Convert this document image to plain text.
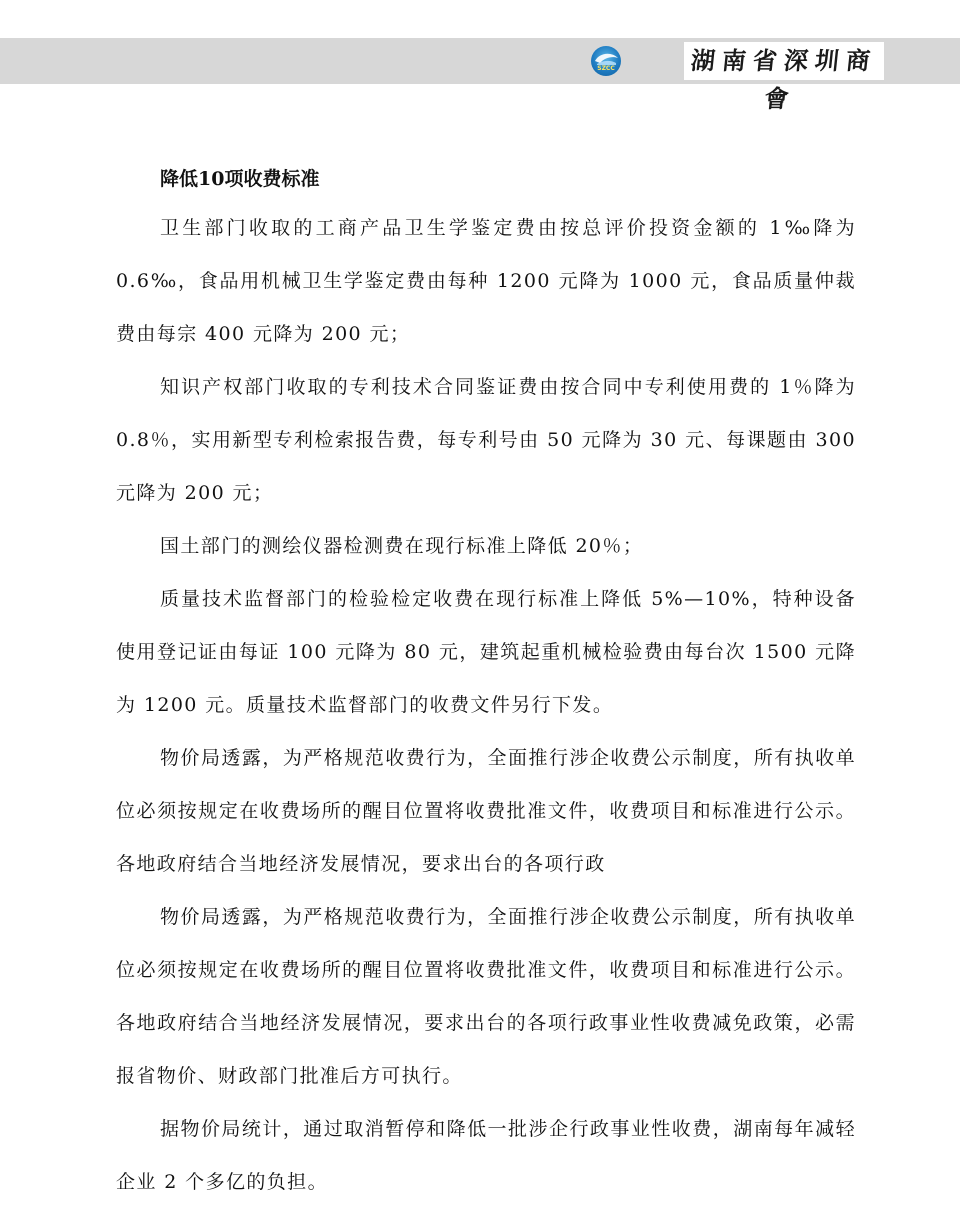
SZCC	湖南省深圳商會
降低10项收费标准

卫生部门收取的工商产品卫生学鉴定费由按总评价投资金额的 1‰降为 0.6‰，食品用机械卫生学鉴定费由每种 1200 元降为 1000 元，食品质量仲裁费由每宗 400 元降为 200 元；

知识产权部门收取的专利技术合同鉴证费由按合同中专利使用费的 1％降为 0.8％，实用新型专利检索报告费，每专利号由 50 元降为 30 元、每课题由 300 元降为 200 元；

国土部门的测绘仪器检测费在现行标准上降低 20％；

质量技术监督部门的检验检定收费在现行标准上降低 5%—10%，特种设备使用登记证由每证 100 元降为 80 元，建筑起重机械检验费由每台次 1500 元降为 1200 元。质量技术监督部门的收费文件另行下发。

物价局透露，为严格规范收费行为，全面推行涉企收费公示制度，所有执收单位必须按规定在收费场所的醒目位置将收费批准文件，收费项目和标准进行公示。各地政府结合当地经济发展情况，要求出台的各项行政

物价局透露，为严格规范收费行为，全面推行涉企收费公示制度，所有执收单位必须按规定在收费场所的醒目位置将收费批准文件，收费项目和标准进行公示。各地政府结合当地经济发展情况，要求出台的各项行政事业性收费减免政策，必需报省物价、财政部门批准后方可执行。

据物价局统计，通过取消暂停和降低一批涉企行政事业性收费，湖南每年减轻企业 2 个多亿的负担。
